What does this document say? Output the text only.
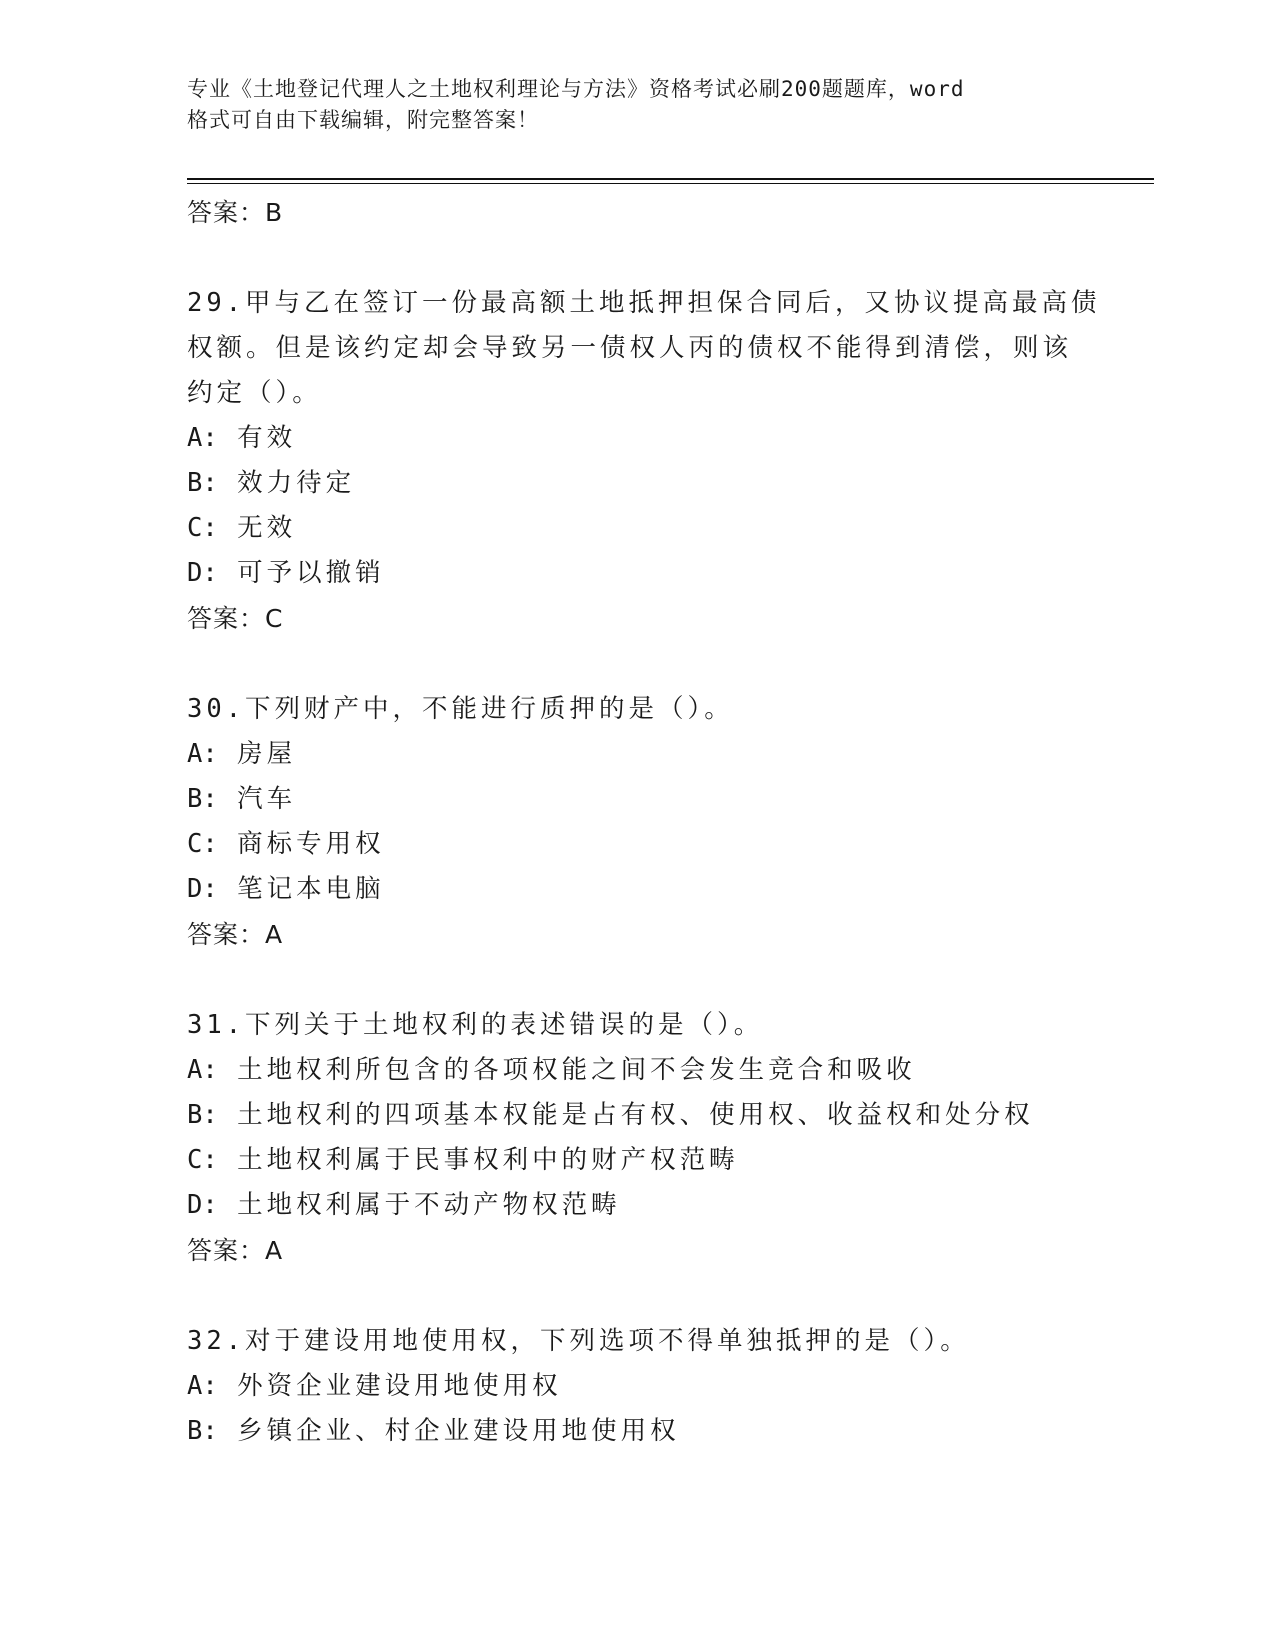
专业《土地登记代理人之土地权利理论与方法》资格考试必刷200题题库，word
格式可自由下载编辑，附完整答案！
答案：B
29.甲与乙在签订一份最高额土地抵押担保合同后，又协议提高最高债
权额。但是该约定却会导致另一债权人丙的债权不能得到清偿，则该
约定（）。
A: 有效
B: 效力待定
C: 无效
D: 可予以撤销
答案：C
30.下列财产中，不能进行质押的是（）。
A: 房屋
B: 汽车
C: 商标专用权
D: 笔记本电脑
答案：A
31.下列关于土地权利的表述错误的是（）。
A: 土地权利所包含的各项权能之间不会发生竞合和吸收
B: 土地权利的四项基本权能是占有权、使用权、收益权和处分权
C: 土地权利属于民事权利中的财产权范畴
D: 土地权利属于不动产物权范畴
答案：A
32.对于建设用地使用权，下列选项不得单独抵押的是（）。
A: 外资企业建设用地使用权
B: 乡镇企业、村企业建设用地使用权
